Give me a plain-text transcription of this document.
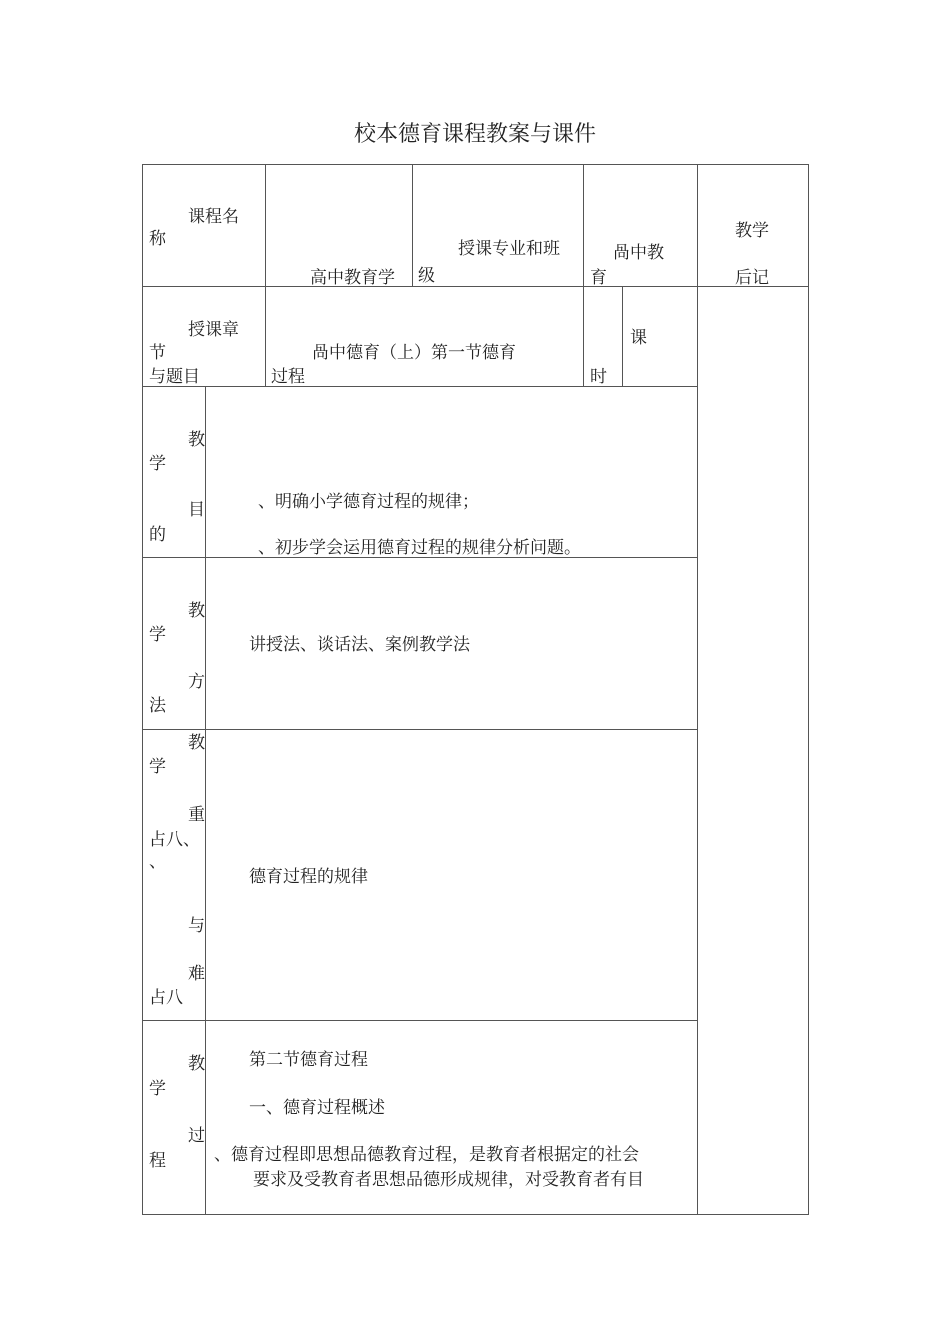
校本德育课程教案与课件
课程名
称
高中教育学
授课专业和班
级
咼中教
育
教学
后记
授课章
节
与题目
咼中德育（上）第一节德育
过程	时
课
教
学
目
的
、明确小学德育过程的规律；
、初步学会运用德育过程的规律分析问题。
教
学
方
法
讲授法、谈话法、案例教学法
教
学
重
占八、
、
与
难
占八
德育过程的规律
教
学
过
程
第二节德育过程
一、德育过程概述
、德育过程即思想品德教育过程，是教育者根据定的社会
要求及受教育者思想品德形成规律，对受教育者有目
